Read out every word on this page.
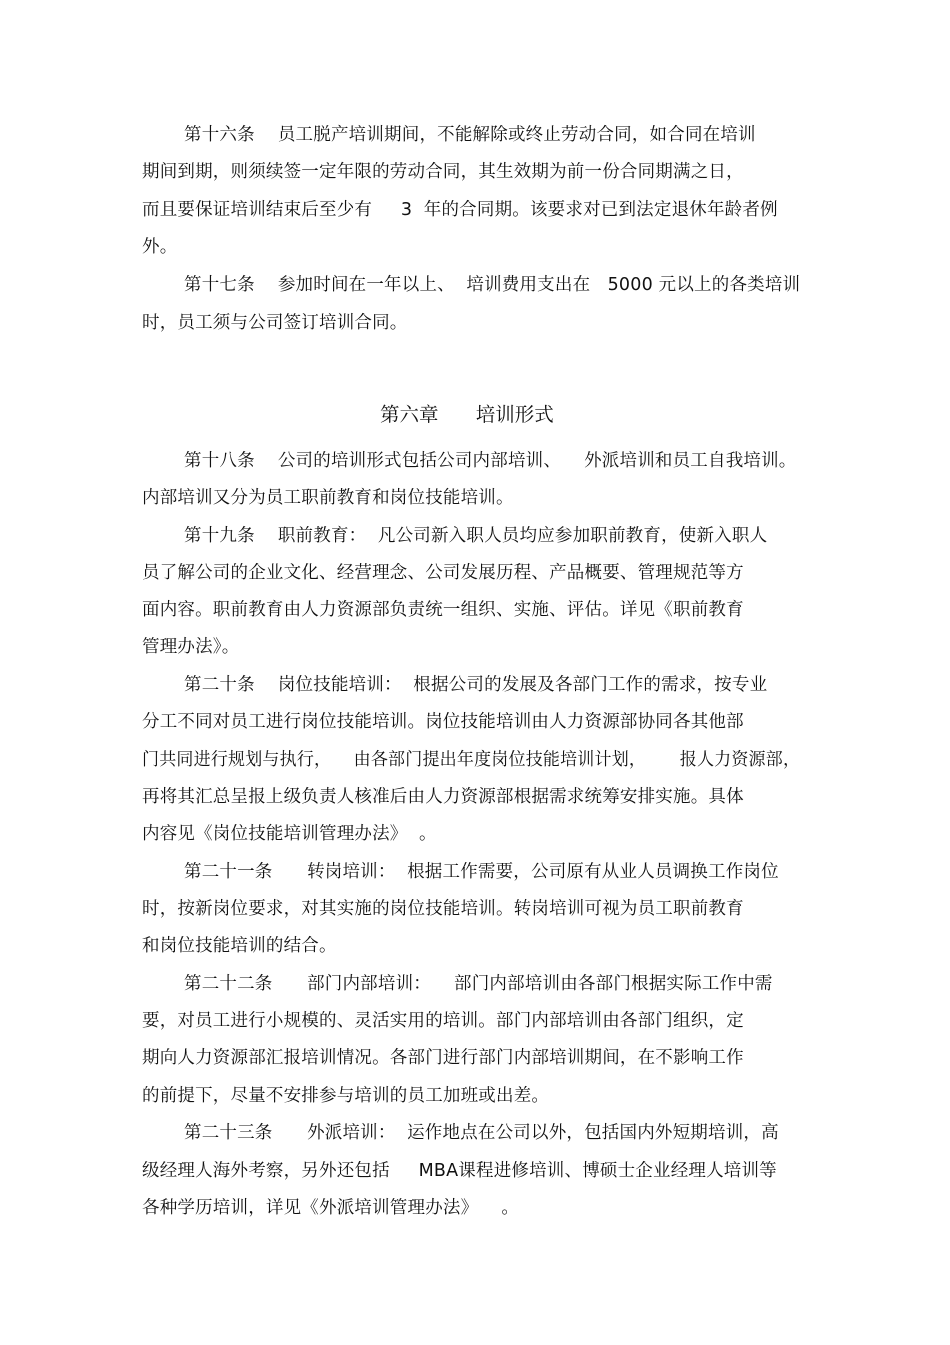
第十六条    员工脱产培训期间，不能解除或终止劳动合同，如合同在培训
期间到期，则须续签一定年限的劳动合同，其生效期为前一份合同期满之日，
而且要保证培训结束后至少有     3  年的合同期。该要求对已到法定退休年龄者例
外。
第十七条    参加时间在一年以上、  培训费用支出在   5000 元以上的各类培训
时，员工须与公司签订培训合同。
第六章      培训形式
第十八条    公司的培训形式包括公司内部培训、    外派培训和员工自我培训。
内部培训又分为员工职前教育和岗位技能培训。
第十九条    职前教育：  凡公司新入职人员均应参加职前教育，使新入职人
员了解公司的企业文化、经营理念、公司发展历程、产品概要、管理规范等方
面内容。职前教育由人力资源部负责统一组织、实施、评估。详见《职前教育
管理办法》。
第二十条    岗位技能培训：  根据公司的发展及各部门工作的需求，按专业
分工不同对员工进行岗位技能培训。岗位技能培训由人力资源部协同各其他部
门共同进行规划与执行，    由各部门提出年度岗位技能培训计划，      报人力资源部，
再将其汇总呈报上级负责人核准后由人力资源部根据需求统筹安排实施。具体
内容见《岗位技能培训管理办法》  。
第二十一条      转岗培训：  根据工作需要，公司原有从业人员调换工作岗位
时，按新岗位要求，对其实施的岗位技能培训。转岗培训可视为员工职前教育
和岗位技能培训的结合。
第二十二条      部门内部培训：    部门内部培训由各部门根据实际工作中需
要，对员工进行小规模的、灵活实用的培训。部门内部培训由各部门组织，定
期向人力资源部汇报培训情况。各部门进行部门内部培训期间，在不影响工作
的前提下，尽量不安排参与培训的员工加班或出差。
第二十三条      外派培训：  运作地点在公司以外，包括国内外短期培训，高
级经理人海外考察，另外还包括     MBA课程进修培训、博硕士企业经理人培训等
各种学历培训，详见《外派培训管理办法》    。
